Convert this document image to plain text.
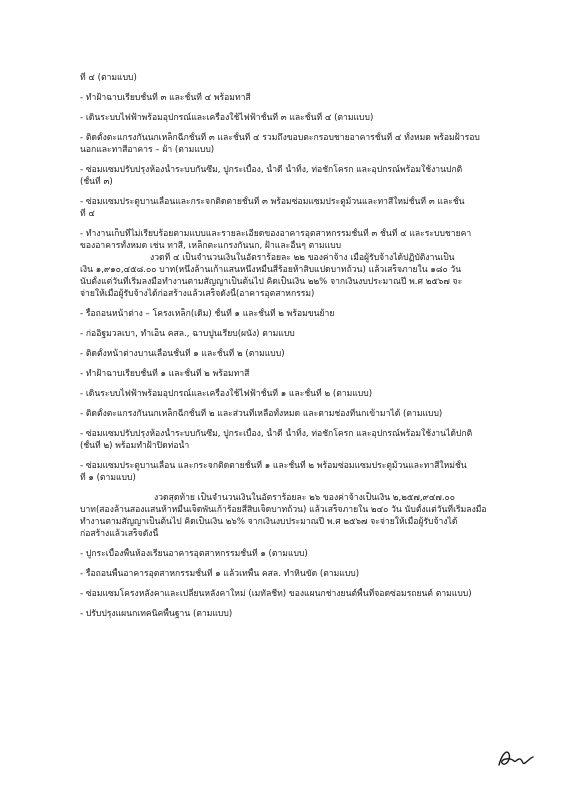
ที่ ๔ (ตามแบบ)
- ทำฝ้าฉาบเรียบชั้นที่ ๓ และชั้นที่ ๔ พร้อมทาสี
- เดินระบบไฟฟ้าพร้อมอุปกรณ์และเครื่องใช้ไฟฟ้าชั้นที่ ๓ และชั้นที่ ๔ (ตามแบบ)
- ติดตั้งตะแกรงกันนกเหล็กฉีกชั้นที่ ๓ และชั้นที่ ๔ รวมถึงขอบตะกรอบชายอาคารชั้นที่ ๔ ทั้งหมด พร้อมฝ้ารอบ
นอกและทาสีอาคาร – ผ้า (ตามแบบ)
- ซ่อมแซมปรับปรุงห้องน้ำระบบกันซึม, ปูกระเบื้อง, น้ำดี น้ำทิ้ง, ท่อชักโครก และอุปกรณ์พร้อมใช้งานปกติ
(ชั้นที่ ๓)
- ซ่อมแซมประตูบานเลื่อนและกระจกติดตายชั้นที่ ๓ พร้อมซ่อมแซมประตูม้วนและทาสีใหม่ชั้นที่ ๓ และชั้น
ที่ ๔
- ทำงานเก็บที่ไม่เรียบร้อยตามแบบและรายละเอียดของอาคารอุตสาหกรรมชั้นที่ ๓ ชั้นที่ ๔ และระบบชายคา
ของอาคารทั้งหมด เช่น ทาสี, เหล็กตะแกรงกันนก, ฝ้าและอื่นๆ ตามแบบ
งวดที่ ๔ เป็นจำนวนเงินในอัตราร้อยละ ๒๒ ของค่าจ้าง เมื่อผู้รับจ้างได้ปฏิบัติงานเป็น
เงิน ๑,๙๑๐,๔๕๘.๐๐ บาท(หนึ่งล้านเก้าแสนหนึ่งหมื่นสี่ร้อยห้าสิบแปดบาทถ้วน) แล้วเสร็จภายใน ๑๘๐ วัน
นับตั้งแต่วันที่เริ่มลงมือทำงานตามสัญญาเป็นต้นไป คิดเป็นเงิน ๒๒% จากเงินงบประมาณปี พ.ศ ๒๕๖๗ จะ
จ่ายให้เมื่อผู้รับจ้างได้ก่อสร้างแล้วเสร็จดังนี้(อาคารอุตสาหกรรม)
- รื้อถอนหน้าต่าง – โครงเหล็ก(เดิม) ชั้นที่ ๑ และชั้นที่ ๒ พร้อมขนย้าย
- ก่ออิฐมวลเบา, ทำเอ็น คสล., ฉาบปูนเรียบ(ผนัง) ตามแบบ
- ติดตั้งหน้าต่างบานเลื่อนชั้นที่ ๑ และชั้นที่ ๒ (ตามแบบ)
- ทำฝ้าฉาบเรียบชั้นที่ ๑ และชั้นที่ ๒ พร้อมทาสี
- เดินระบบไฟฟ้าพร้อมอุปกรณ์และเครื่องใช้ไฟฟ้าชั้นที่ ๑ และชั้นที่ ๒ (ตามแบบ)
- ติดตั้งตะแกรงกันนกเหล็กฉีกชั้นที่ ๒ และส่วนที่เหลือทั้งหมด และตามช่องที่นกเข้ามาได้ (ตามแบบ)
- ซ่อมแซมปรับปรุงห้องน้ำระบบกันซึม, ปูกระเบื้อง, น้ำดี น้ำทิ้ง, ท่อชักโครก และอุปกรณ์พร้อมใช้งานได้ปกติ
(ชั้นที่ ๒) พร้อมทำฝ้าปิดท่อน้ำ
- ซ่อมแซมประตูบานเลื่อน และกระจกติดตายชั้นที่ ๑ และชั้นที่ ๒ พร้อมซ่อมแซมประตูม้วนและทาสีใหม่ชั้น
ที่ ๑ (ตามแบบ)
งวดสุดท้าย เป็นจำนวนเงินในอัตราร้อยละ ๒๖ ของค่าจ้างเป็นเงิน ๒,๒๕๗,๙๔๗.๐๐
บาท(สองล้านสองแสนห้าหมื่นเจ็ดพันเก้าร้อยสี่สิบเจ็ดบาทถ้วน) แล้วเสร็จภายใน ๒๔๐ วัน นับตั้งแต่วันที่เริ่มลงมือ
ทำงานตามสัญญาเป็นต้นไป คิดเป็นเงิน ๒๖% จากเงินงบประมาณปี พ.ศ ๒๕๖๗ จะจ่ายให้เมื่อผู้รับจ้างได้
ก่อสร้างแล้วเสร็จดังนี้
- ปูกระเบื้องพื้นห้องเรียนอาคารอุตสาหกรรมชั้นที่ ๑ (ตามแบบ)
- รื้อถอนพื้นอาคารอุตสาหกรรมชั้นที่ ๑ แล้วเทพื้น คสล. ทำหินขัด (ตามแบบ)
- ซ่อมแซมโครงหลังคาและเปลี่ยนหลังคาใหม่ (เมทัลชีท) ของแผนกช่างยนต์พื้นที่จอดซ่อมรถยนต์ ตามแบบ)
- ปรับปรุงแผนกเทคนิคพื้นฐาน (ตามแบบ)
